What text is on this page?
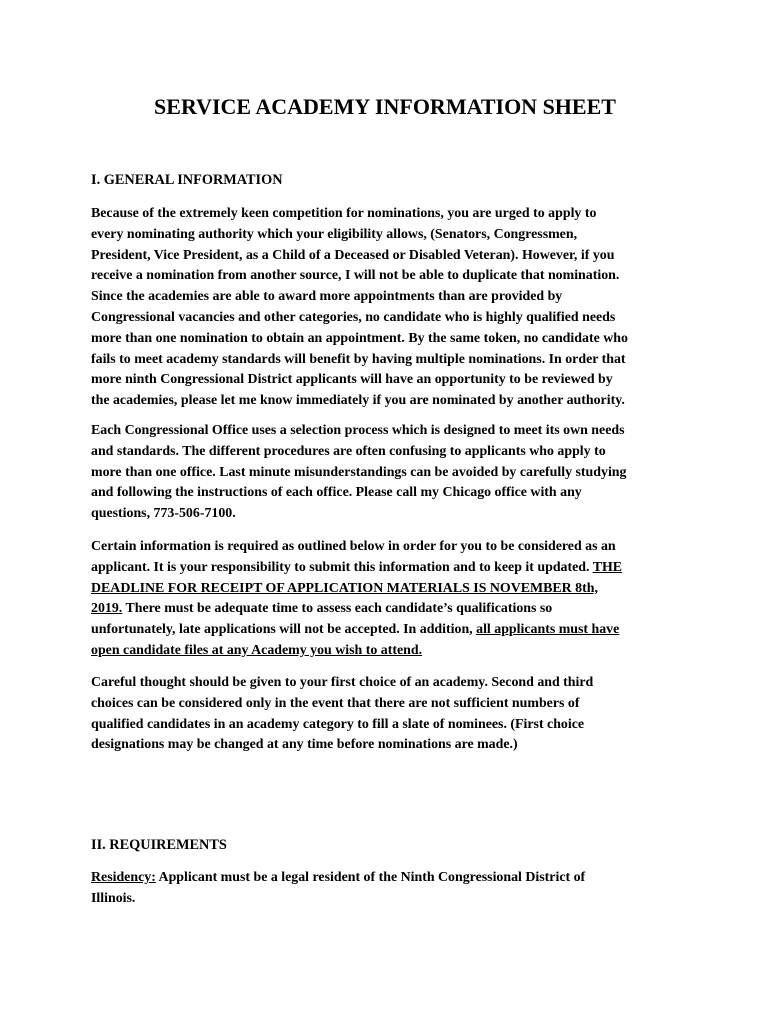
SERVICE ACADEMY INFORMATION SHEET
I. GENERAL INFORMATION
Because of the extremely keen competition for nominations, you are urged to apply to
every nominating authority which your eligibility allows, (Senators, Congressmen,
President, Vice President, as a Child of a Deceased or Disabled Veteran). However, if you
receive a nomination from another source, I will not be able to duplicate that nomination.
Since the academies are able to award more appointments than are provided by
Congressional vacancies and other categories, no candidate who is highly qualified needs
more than one nomination to obtain an appointment. By the same token, no candidate who
fails to meet academy standards will benefit by having multiple nominations. In order that
more ninth Congressional District applicants will have an opportunity to be reviewed by
the academies, please let me know immediately if you are nominated by another authority.
Each Congressional Office uses a selection process which is designed to meet its own needs
and standards. The different procedures are often confusing to applicants who apply to
more than one office. Last minute misunderstandings can be avoided by carefully studying
and following the instructions of each office. Please call my Chicago office with any
questions, 773-506-7100.
Certain information is required as outlined below in order for you to be considered as an
applicant. It is your responsibility to submit this information and to keep it updated. THE
DEADLINE FOR RECEIPT OF APPLICATION MATERIALS IS NOVEMBER 8th,
2019. There must be adequate time to assess each candidate’s qualifications so
unfortunately, late applications will not be accepted. In addition, all applicants must have
open candidate files at any Academy you wish to attend.
Careful thought should be given to your first choice of an academy. Second and third
choices can be considered only in the event that there are not sufficient numbers of
qualified candidates in an academy category to fill a slate of nominees. (First choice
designations may be changed at any time before nominations are made.)
II. REQUIREMENTS
Residency: Applicant must be a legal resident of the Ninth Congressional District of
Illinois.
